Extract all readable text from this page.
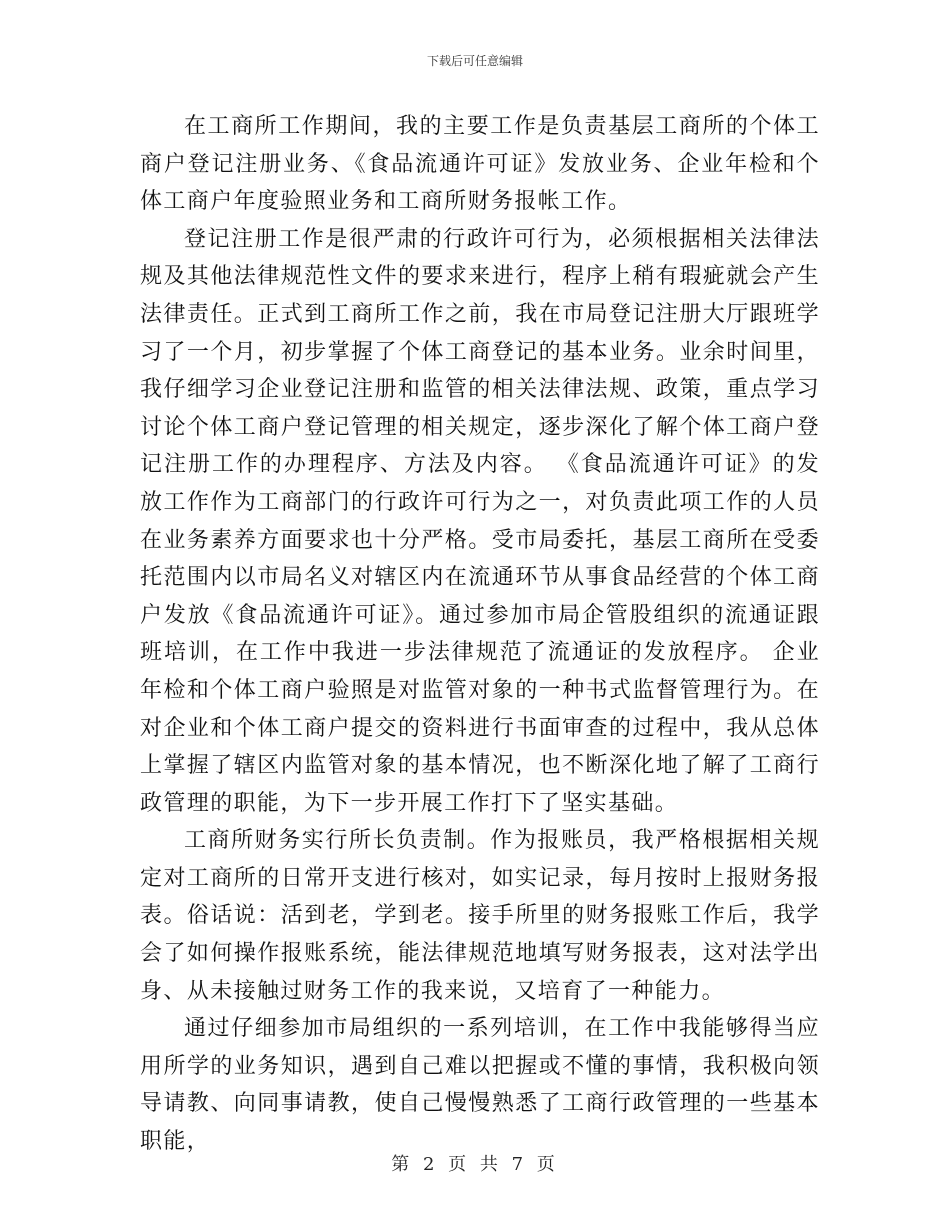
下载后可任意编辑

在工商所工作期间，我的主要工作是负责基层工商所的个体工商户登记注册业务、《食品流通许可证》发放业务、企业年检和个体工商户年度验照业务和工商所财务报帐工作。

登记注册工作是很严肃的行政许可行为，必须根据相关法律法规及其他法律规范性文件的要求来进行，程序上稍有瑕疵就会产生法律责任。正式到工商所工作之前，我在市局登记注册大厅跟班学习了一个月，初步掌握了个体工商登记的基本业务。业余时间里，我仔细学习企业登记注册和监管的相关法律法规、政策，重点学习讨论个体工商户登记管理的相关规定，逐步深化了解个体工商户登记注册工作的办理程序、方法及内容。 《食品流通许可证》的发放工作作为工商部门的行政许可行为之一，对负责此项工作的人员在业务素养方面要求也十分严格。受市局委托，基层工商所在受委托范围内以市局名义对辖区内在流通环节从事食品经营的个体工商户发放《食品流通许可证》。通过参加市局企管股组织的流通证跟班培训，在工作中我进一步法律规范了流通证的发放程序。 企业年检和个体工商户验照是对监管对象的一种书式监督管理行为。在对企业和个体工商户提交的资料进行书面审查的过程中，我从总体上掌握了辖区内监管对象的基本情况，也不断深化地了解了工商行政管理的职能，为下一步开展工作打下了坚实基础。

工商所财务实行所长负责制。作为报账员，我严格根据相关规定对工商所的日常开支进行核对，如实记录，每月按时上报财务报表。俗话说：活到老，学到老。接手所里的财务报账工作后，我学会了如何操作报账系统，能法律规范地填写财务报表，这对法学出身、从未接触过财务工作的我来说，又培育了一种能力。

通过仔细参加市局组织的一系列培训，在工作中我能够得当应用所学的业务知识，遇到自己难以把握或不懂的事情，我积极向领导请教、向同事请教，使自己慢慢熟悉了工商行政管理的一些基本职能，

第 2 页 共 7 页
